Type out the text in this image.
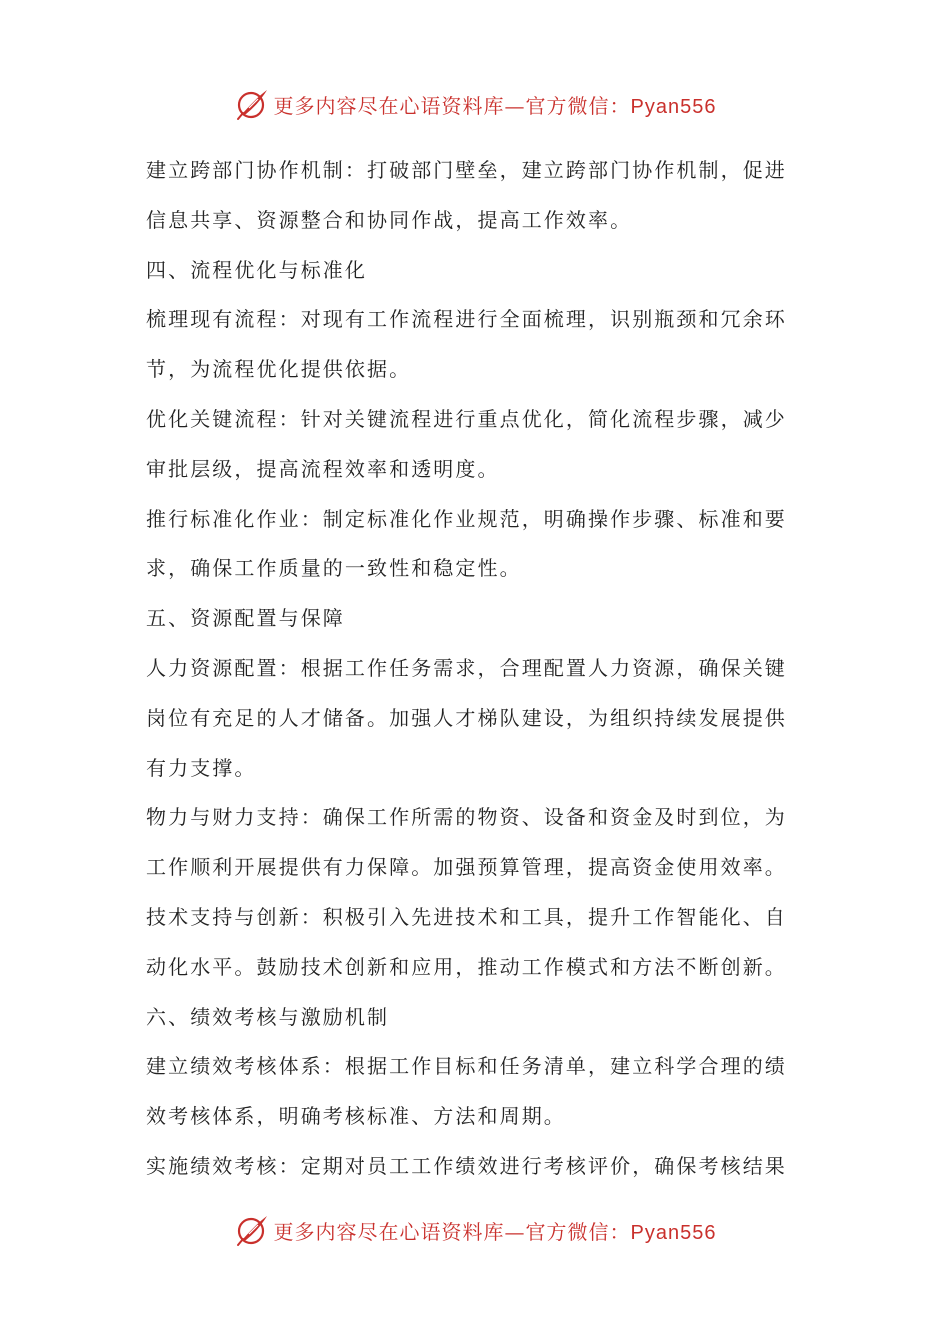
更多内容尽在心语资料库—官方微信：Pyan556
建立跨部门协作机制：打破部门壁垒，建立跨部门协作机制，促进
信息共享、资源整合和协同作战，提高工作效率。
四、流程优化与标准化
梳理现有流程：对现有工作流程进行全面梳理，识别瓶颈和冗余环
节，为流程优化提供依据。
优化关键流程：针对关键流程进行重点优化，简化流程步骤，减少
审批层级，提高流程效率和透明度。
推行标准化作业：制定标准化作业规范，明确操作步骤、标准和要
求，确保工作质量的一致性和稳定性。
五、资源配置与保障
人力资源配置：根据工作任务需求，合理配置人力资源，确保关键
岗位有充足的人才储备。加强人才梯队建设，为组织持续发展提供
有力支撑。
物力与财力支持：确保工作所需的物资、设备和资金及时到位，为
工作顺利开展提供有力保障。加强预算管理，提高资金使用效率。
技术支持与创新：积极引入先进技术和工具，提升工作智能化、自
动化水平。鼓励技术创新和应用，推动工作模式和方法不断创新。
六、绩效考核与激励机制
建立绩效考核体系：根据工作目标和任务清单，建立科学合理的绩
效考核体系，明确考核标准、方法和周期。
实施绩效考核：定期对员工工作绩效进行考核评价，确保考核结果
更多内容尽在心语资料库—官方微信：Pyan556
